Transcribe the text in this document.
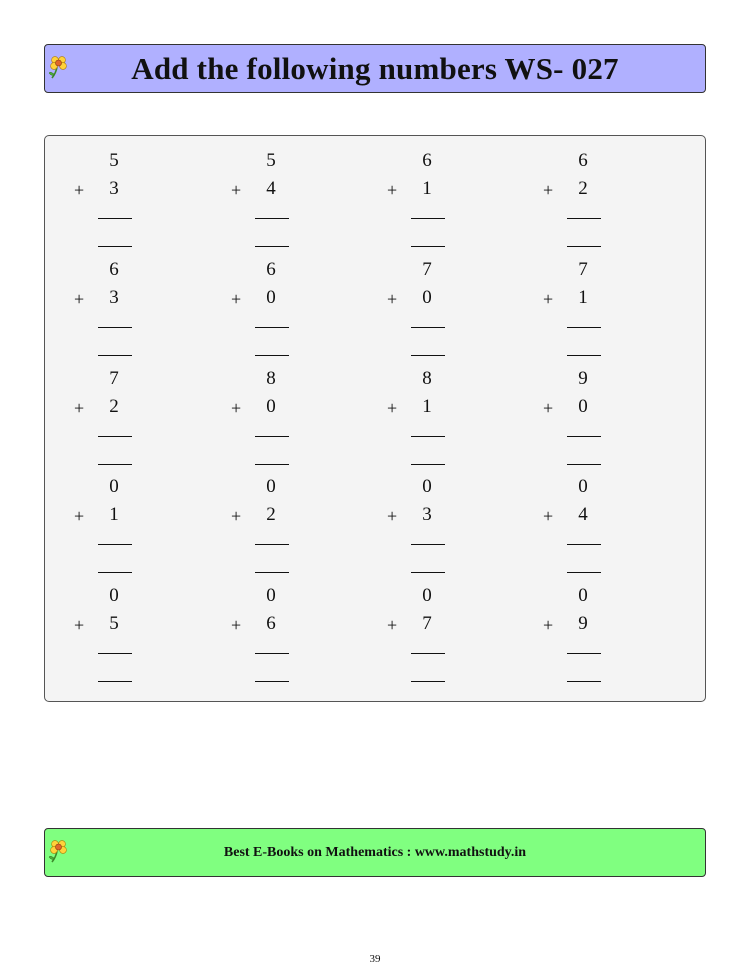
Add the following numbers WS- 027
5
+	3
5
+	4
6
+	1
6
+	2
6
+	3
6
+	0
7
+	0
7
+	1
7
+	2
8
+	0
8
+	1
9
+	0
0
+	1
0
+	2
0
+	3
0
+	4
0
+	5
0
+	6
0
+	7
0
+	9
Best E-Books on Mathematics : www.mathstudy.in
39
